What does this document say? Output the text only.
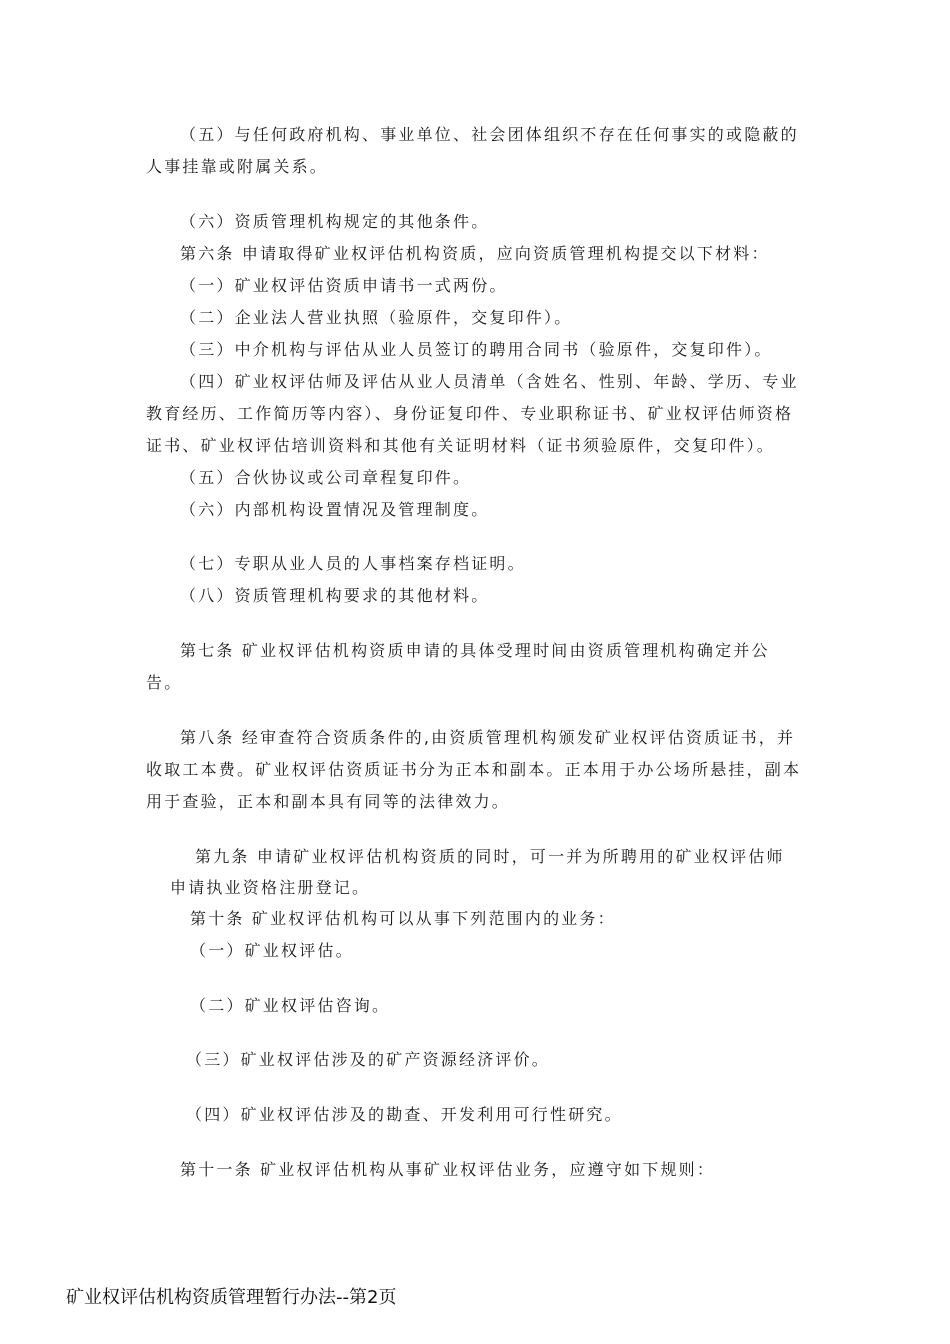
（五）与任何政府机构、事业单位、社会团体组织不存在任何事实的或隐蔽的
人事挂靠或附属关系。
（六）资质管理机构规定的其他条件。
第六条 申请取得矿业权评估机构资质，应向资质管理机构提交以下材料：
（一）矿业权评估资质申请书一式两份。
（二）企业法人营业执照（验原件，交复印件）。
（三）中介机构与评估从业人员签订的聘用合同书（验原件，交复印件）。
（四）矿业权评估师及评估从业人员清单（含姓名、性别、年龄、学历、专业
教育经历、工作简历等内容）、身份证复印件、专业职称证书、矿业权评估师资格
证书、矿业权评估培训资料和其他有关证明材料（证书须验原件，交复印件）。
（五）合伙协议或公司章程复印件。
（六）内部机构设置情况及管理制度。
（七）专职从业人员的人事档案存档证明。
（八）资质管理机构要求的其他材料。
第七条 矿业权评估机构资质申请的具体受理时间由资质管理机构确定并公
告。
第八条 经审查符合资质条件的,由资质管理机构颁发矿业权评估资质证书，并
收取工本费。矿业权评估资质证书分为正本和副本。正本用于办公场所悬挂，副本
用于查验，正本和副本具有同等的法律效力。
第九条 申请矿业权评估机构资质的同时，可一并为所聘用的矿业权评估师
申请执业资格注册登记。
第十条 矿业权评估机构可以从事下列范围内的业务：
（一）矿业权评估。
（二）矿业权评估咨询。
（三）矿业权评估涉及的矿产资源经济评价。
（四）矿业权评估涉及的勘查、开发利用可行性研究。
第十一条 矿业权评估机构从事矿业权评估业务，应遵守如下规则：
矿业权评估机构资质管理暂行办法--第2页
